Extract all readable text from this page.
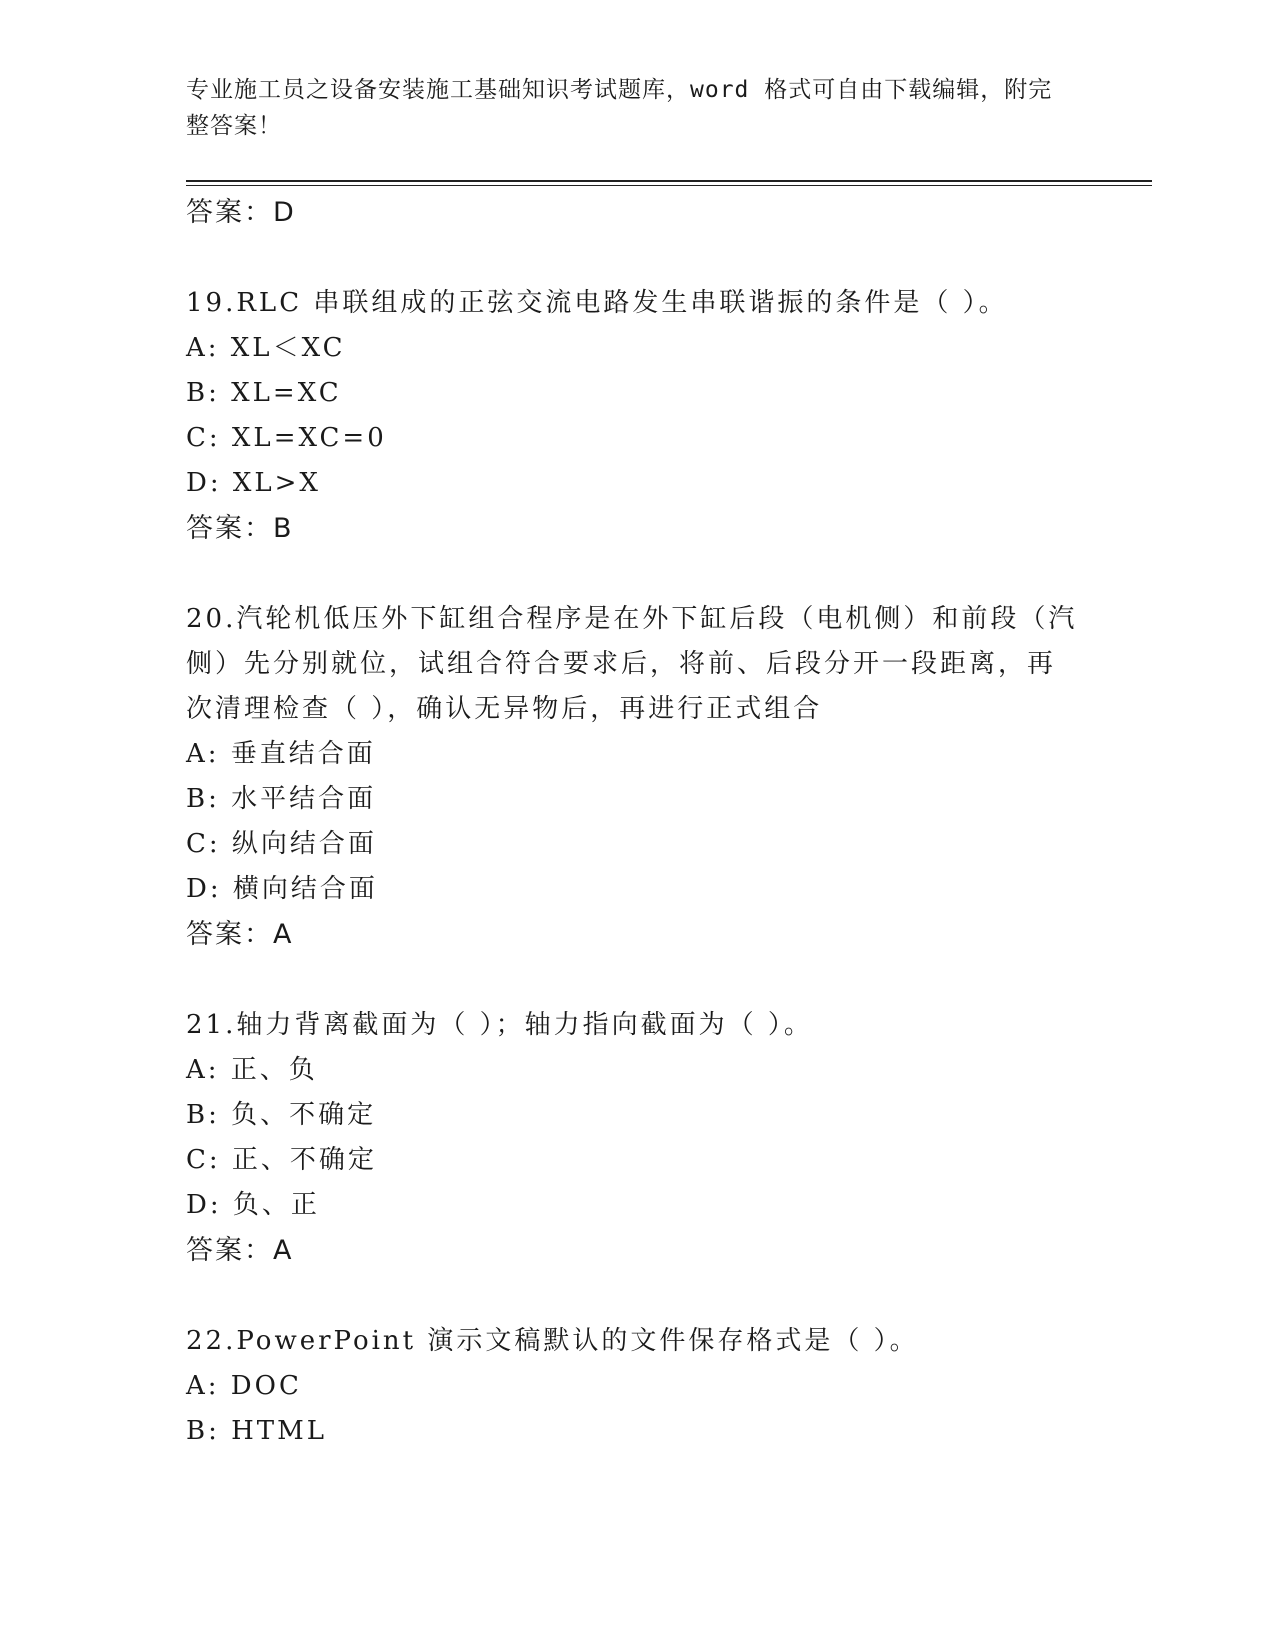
专业施工员之设备安装施工基础知识考试题库，word 格式可自由下载编辑，附完
整答案！
答案：D
19.RLC 串联组成的正弦交流电路发生串联谐振的条件是（ ）。
A: XL＜XC
B: XL=XC
C: XL=XC=0
D: XL>X
答案：B
20.汽轮机低压外下缸组合程序是在外下缸后段（电机侧）和前段（汽
侧）先分别就位，试组合符合要求后，将前、后段分开一段距离，再
次清理检查（ ），确认无异物后，再进行正式组合
A: 垂直结合面
B: 水平结合面
C: 纵向结合面
D: 横向结合面
答案：A
21.轴力背离截面为（ ）；轴力指向截面为（ ）。
A: 正、负
B: 负、不确定
C: 正、不确定
D: 负、正
答案：A
22.PowerPoint 演示文稿默认的文件保存格式是（ ）。
A: DOC
B: HTML
